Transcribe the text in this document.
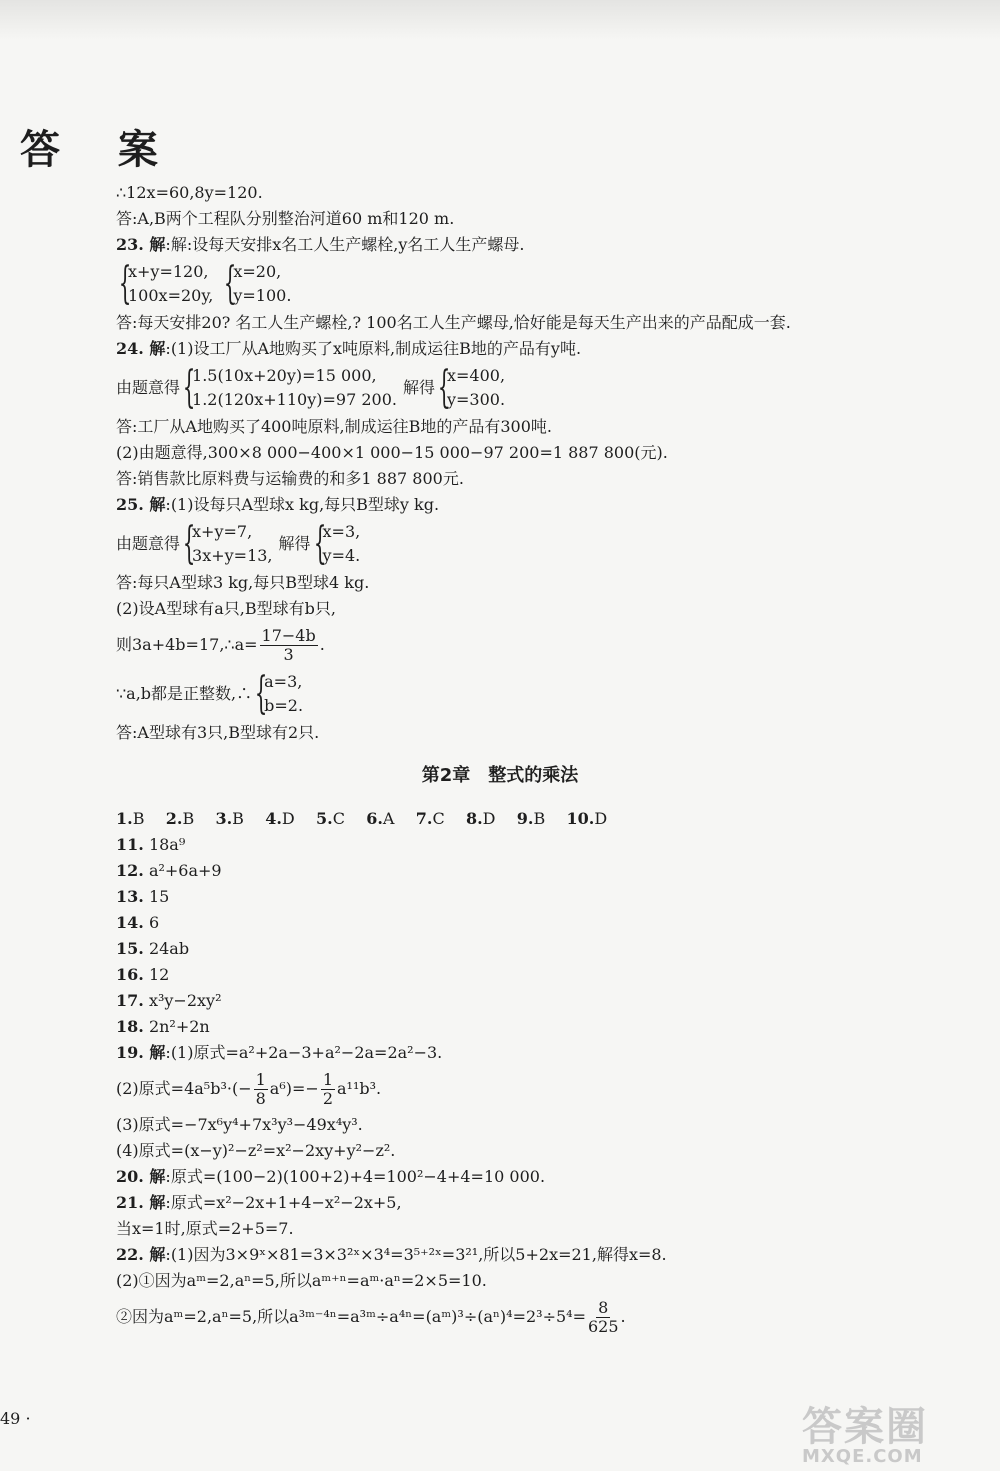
答 案
∴12x=60,8y=120.
答:A,B两个工程队分别整治河道60 m和120 m.
23. 解:解:设每天安排x名工人生产螺栓,y名工人生产螺母.
{
x+y=120,
100x=20y, {
x=20,
y=100.
答:每天安排20? 名工人生产螺栓,? 100名工人生产螺母,恰好能是每天生产出来的产品配成一套.
24. 解:(1)设工厂从A地购买了x吨原料,制成运往B地的产品有y吨.
由题意得 {
1.5(10x+20y)=15 000,
1.2(120x+110y)=97 200.
解得 {
x=400,
y=300.
答:工厂从A地购买了400吨原料,制成运往B地的产品有300吨.
(2)由题意得,300×8 000−400×1 000−15 000−97 200=1 887 800(元).
答:销售款比原料费与运输费的和多1 887 800元.
25. 解:(1)设每只A型球x kg,每只B型球y kg.
由题意得 {
x+y=7,
3x+y=13,
解得 {
x=3,
y=4.
答:每只A型球3 kg,每只B型球4 kg.
(2)设A型球有a只,B型球有b只,
则3a+4b=17,∴a= $\frac{17-4b}{3}$ .
∵a,b都是正整数,∴ {
a=3,
b=2.
答:A型球有3只,B型球有2只.
第2章　整式的乘法
1.B 2.B 3.B 4.D 5.C 6.A 7.C 8.D 9.B 10.D
11. 18a⁹
12. a²+6a+9
13. 15
14. 6
15. 24ab
16. 12
17. x³y−2xy²
18. 2n²+2n
19. 解:(1)原式=a²+2a−3+a²−2a=2a²−3.
(2)原式$=4a^5b^3\cdot(- \frac{1}{8} a^6)=- \frac{1}{2} a^{11}b^3$.
(3)原式=−7x⁶y⁴+7x³y³−49x⁴y³.
(4)原式=(x−y)²−z²=x²−2xy+y²−z².
20. 解:原式=(100−2)(100+2)+4=100²−4+4=10 000.
21. 解:原式=x²−2x+1+4−x²−2x+5,
当x=1时,原式=2+5=7.
22. 解:(1)因为3×9ˣ×81=3×3²ˣ×3⁴=3⁵⁺²ˣ=3²¹,所以5+2x=21,解得x=8.
(2)①因为aᵐ=2,aⁿ=5,所以aᵐ⁺ⁿ=aᵐ·aⁿ=2×5=10.
②因为aᵐ=2,aⁿ=5,所以a³ᵐ⁻⁴ⁿ=a³ᵐ÷a⁴ⁿ=(aᵐ)³÷(aⁿ)⁴=2³÷5⁴= $\frac{8}{625}$ .
49 ·	答案圈
MXQE.COM
